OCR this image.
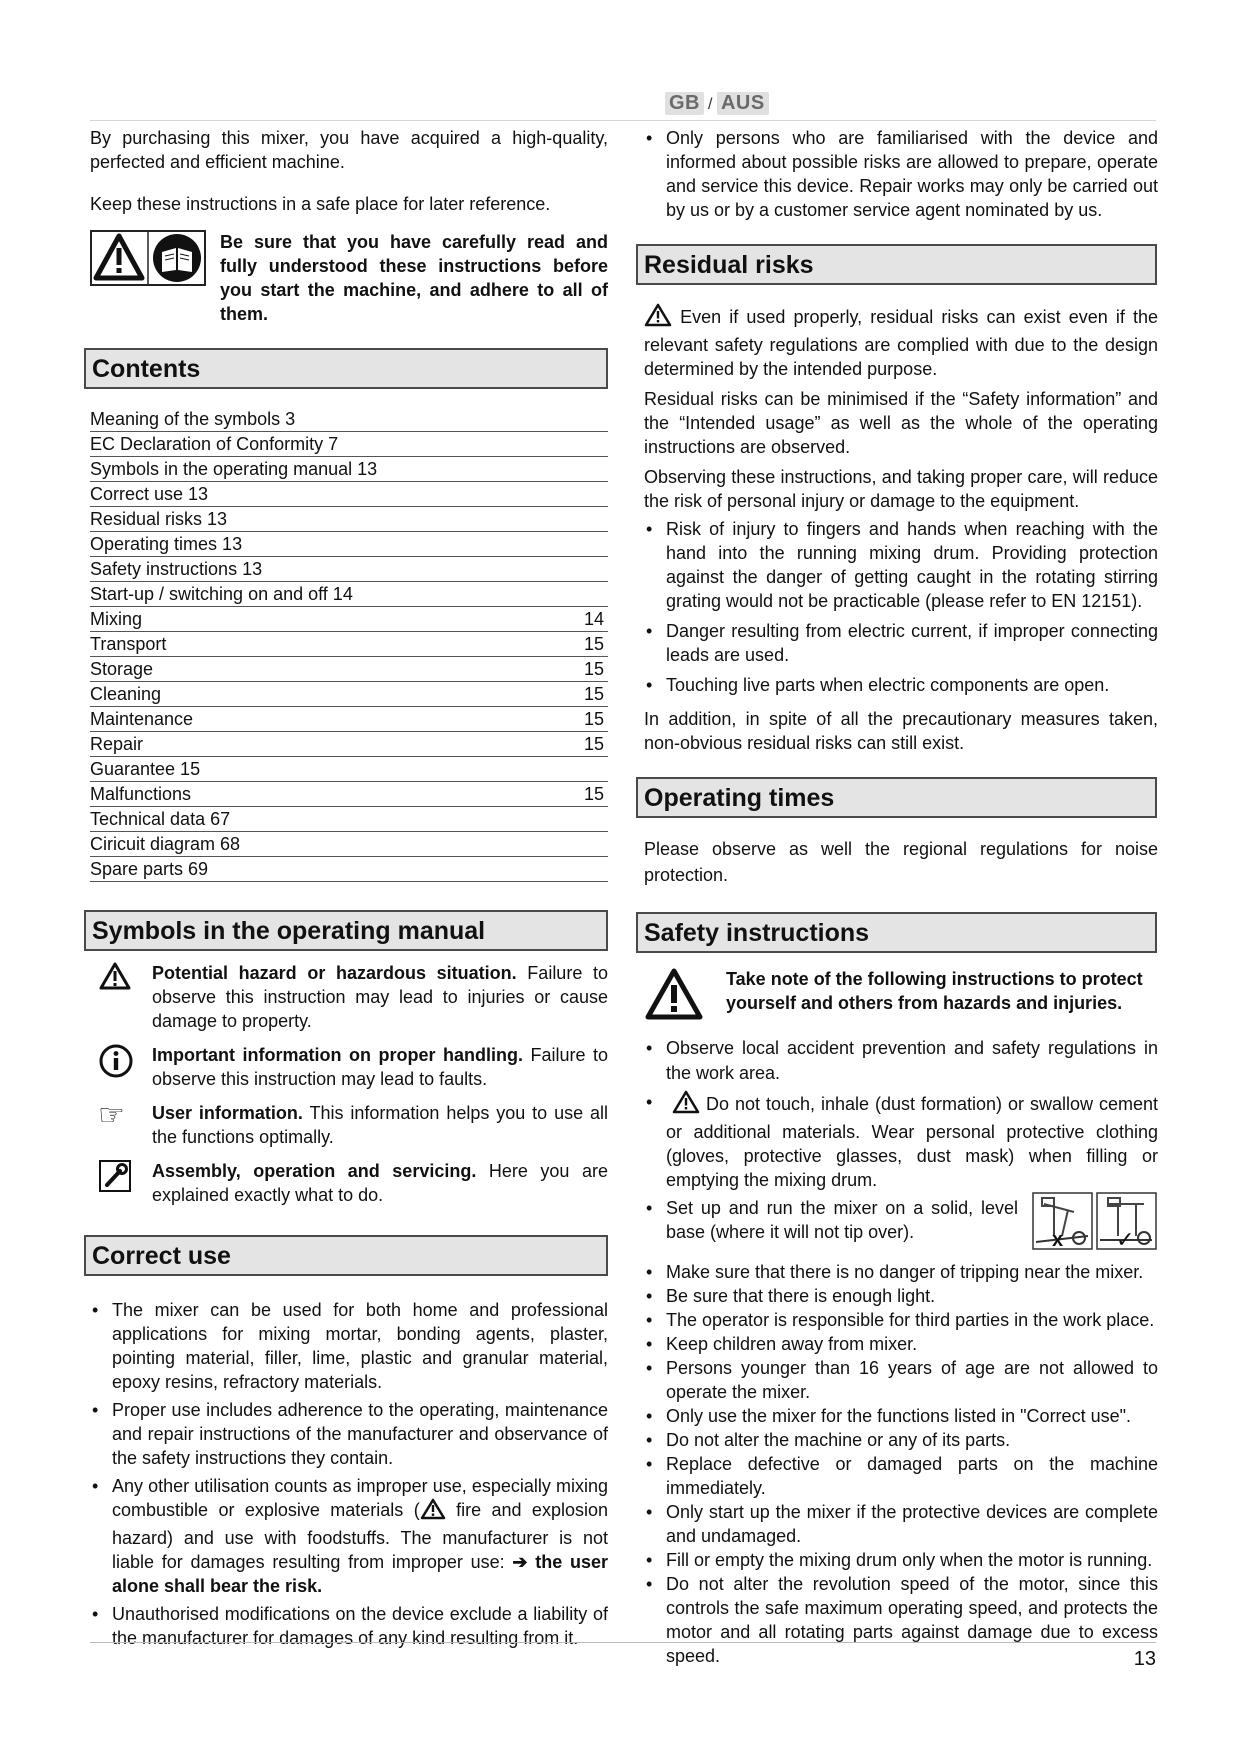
GB / AUS

By purchasing this mixer, you have acquired a high-quality, perfected and efficient machine.

Keep these instructions in a safe place for later reference.

Be sure that you have carefully read and fully understood these instructions before you start the machine, and adhere to all of them.

Contents
Meaning of the symbols 3
EC Declaration of Conformity 7
Symbols in the operating manual 13
Correct use 13
Residual risks 13
Operating times 13
Safety instructions 13
Start-up / switching on and off 14
Mixing	14
Transport	15
Storage	15
Cleaning	15
Maintenance	15
Repair	15
Guarantee 15
Malfunctions	15
Technical data 67
Ciricuit diagram 68
Spare parts 69
Symbols in the operating manual
Potential hazard or hazardous situation. Failure to observe this instruction may lead to injuries or cause damage to property.
Important information on proper handling. Failure to observe this instruction may lead to faults.
☞ User information. This information helps you to use all the functions optimally.
Assembly, operation and servicing. Here you are explained exactly what to do.
Correct use
• The mixer can be used for both home and professional applications for mixing mortar, bonding agents, plaster, pointing material, filler, lime, plastic and granular material, epoxy resins, refractory materials.
• Proper use includes adherence to the operating, maintenance and repair instructions of the manufacturer and observance of the safety instructions they contain.
• Any other utilisation counts as improper use, especially mixing combustible or explosive materials ( fire and explosion hazard) and use with foodstuffs. The manufacturer is not liable for damages resulting from improper use: ➔ the user alone shall bear the risk.
• Unauthorised modifications on the device exclude a liability of the manufacturer for damages of any kind resulting from it.
• Only persons who are familiarised with the device and informed about possible risks are allowed to prepare, operate and service this device. Repair works may only be carried out by us or by a customer service agent nominated by us.
Residual risks

Even if used properly, residual risks can exist even if the relevant safety regulations are complied with due to the design determined by the intended purpose.

Residual risks can be minimised if the “Safety information” and the “Intended usage” as well as the whole of the operating instructions are observed.

Observing these instructions, and taking proper care, will reduce the risk of personal injury or damage to the equipment.

• Risk of injury to fingers and hands when reaching with the hand into the running mixing drum. Providing protection against the danger of getting caught in the rotating stirring grating would not be practicable (please refer to EN 12151).
• Danger resulting from electric current, if improper connecting leads are used.
• Touching live parts when electric components are open.

In addition, in spite of all the precautionary measures taken, non-obvious residual risks can still exist.

Operating times

Please observe as well the regional regulations for noise protection.

Safety instructions

Take note of the following instructions to protect yourself and others from hazards and injuries.

• Observe local accident prevention and safety regulations in the work area.
• Do not touch, inhale (dust formation) or swallow cement or additional materials. Wear personal protective clothing (gloves, protective glasses, dust mask) when filling or emptying the mixing drum.
• Set up and run the mixer on a solid, level base (where it will not tip over).	x ✓
• Make sure that there is no danger of tripping near the mixer.
• Be sure that there is enough light.
• The operator is responsible for third parties in the work place.
• Keep children away from mixer.
• Persons younger than 16 years of age are not allowed to operate the mixer.
• Only use the mixer for the functions listed in "Correct use".
• Do not alter the machine or any of its parts.
• Replace defective or damaged parts on the machine immediately.
• Only start up the mixer if the protective devices are complete and undamaged.
• Fill or empty the mixing drum only when the motor is running.
• Do not alter the revolution speed of the motor, since this controls the safe maximum operating speed, and protects the motor and all rotating parts against damage due to excess speed.	13
